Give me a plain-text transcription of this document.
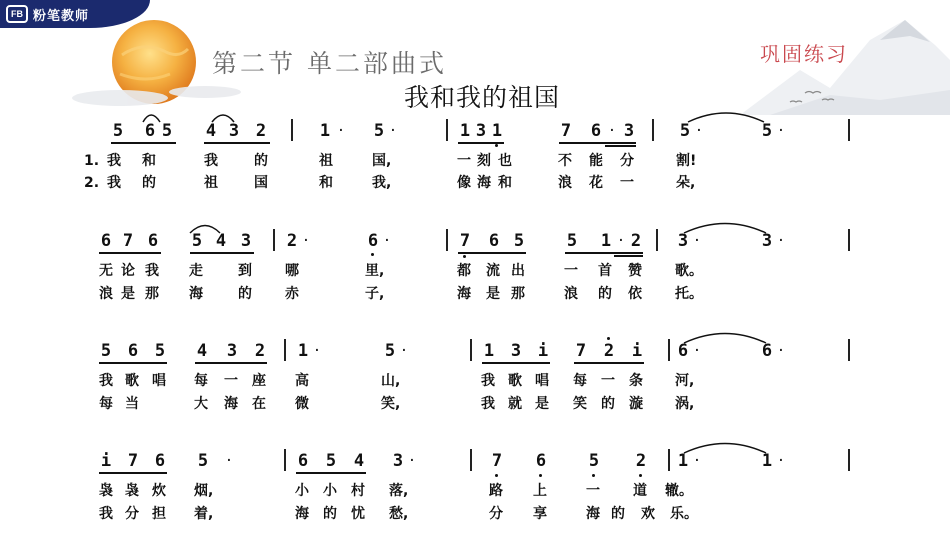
FB 粉笔教师
第二节 单二部曲式	巩固练习
我和我的祖国
5 6 5 4 3 2	1 · 5 ·	1 3 1	7 6 · 3	5 ·	5 ·
1. 我 和	我	的	祖	国,	一 刻 也	不 能 分	割!
2. 我 的	祖	国	和	我,	像 海 和	浪 花 一	朵,
6 7 6 5 4 3 2 ·	6 ·	7 6 5	5 1 · 2 3 ·	3 ·
无 论 我 走	到 哪	里,	都 流 出	一 首 赞 歌。
浪 是 那 海	的 赤	子,	海 是 那	浪 的 依 托。
5 6 5 4 3 2 1 ·	5 ·	1 3 i 7 2 i 6 ·	6 ·
我 歌 唱 每 一 座 高	山,	我 歌 唱 每 一 条 河,
每 当	大 海 在 微	笑,	我 就 是 笑 的 漩 涡,
i 7 6 5 ·	6 5 4 3 ·	7 6	5 2 1 ·	1 ·
袅 袅 炊 烟,	小 小 村 落,	路 上	一 道 辙。
我 分 担 着,	海 的 忧 愁,	分 享	海 的 欢 乐。
